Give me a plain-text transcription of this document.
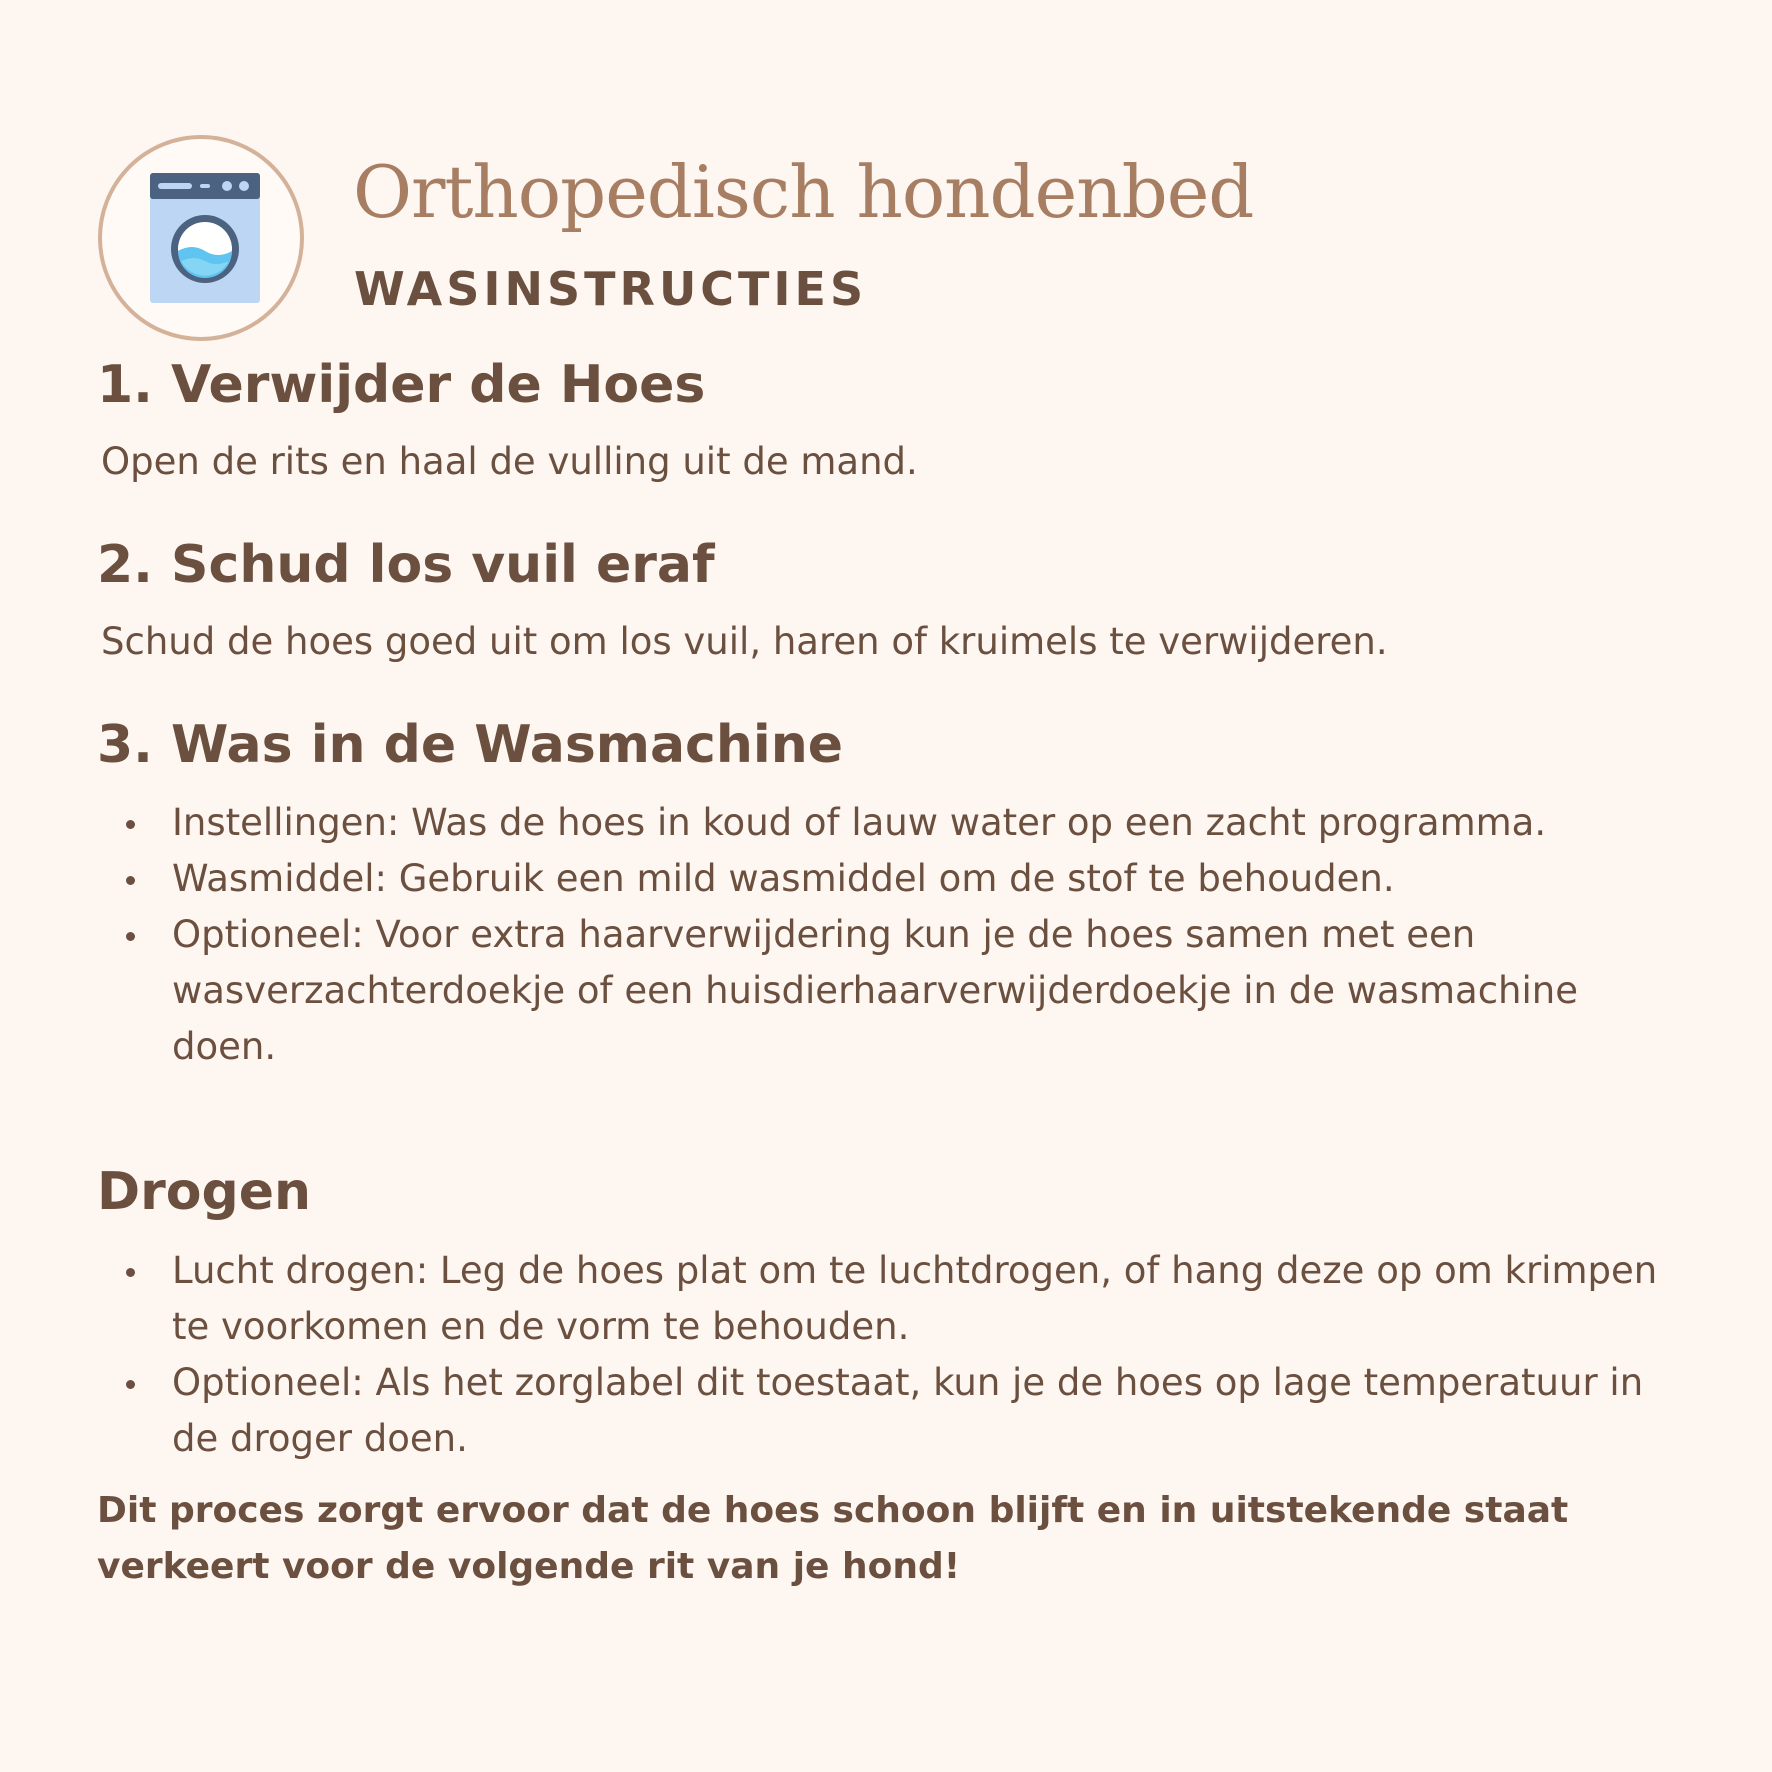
Orthopedisch hondenbed
WASINSTRUCTIES
1. Verwijder de Hoes
Open de rits en haal de vulling uit de mand.
2. Schud los vuil eraf
Schud de hoes goed uit om los vuil, haren of kruimels te verwijderen.
3. Was in de Wasmachine
Instellingen: Was de hoes in koud of lauw water op een zacht programma.
Wasmiddel: Gebruik een mild wasmiddel om de stof te behouden.
Optioneel: Voor extra haarverwijdering kun je de hoes samen met een wasverzachterdoekje of een huisdierhaarverwijderdoekje in de wasmachine doen.
Drogen
Lucht drogen: Leg de hoes plat om te luchtdrogen, of hang deze op om krimpen te voorkomen en de vorm te behouden.
Optioneel: Als het zorglabel dit toestaat, kun je de hoes op lage temperatuur in de droger doen.
Dit proces zorgt ervoor dat de hoes schoon blijft en in uitstekende staat verkeert voor de volgende rit van je hond!
